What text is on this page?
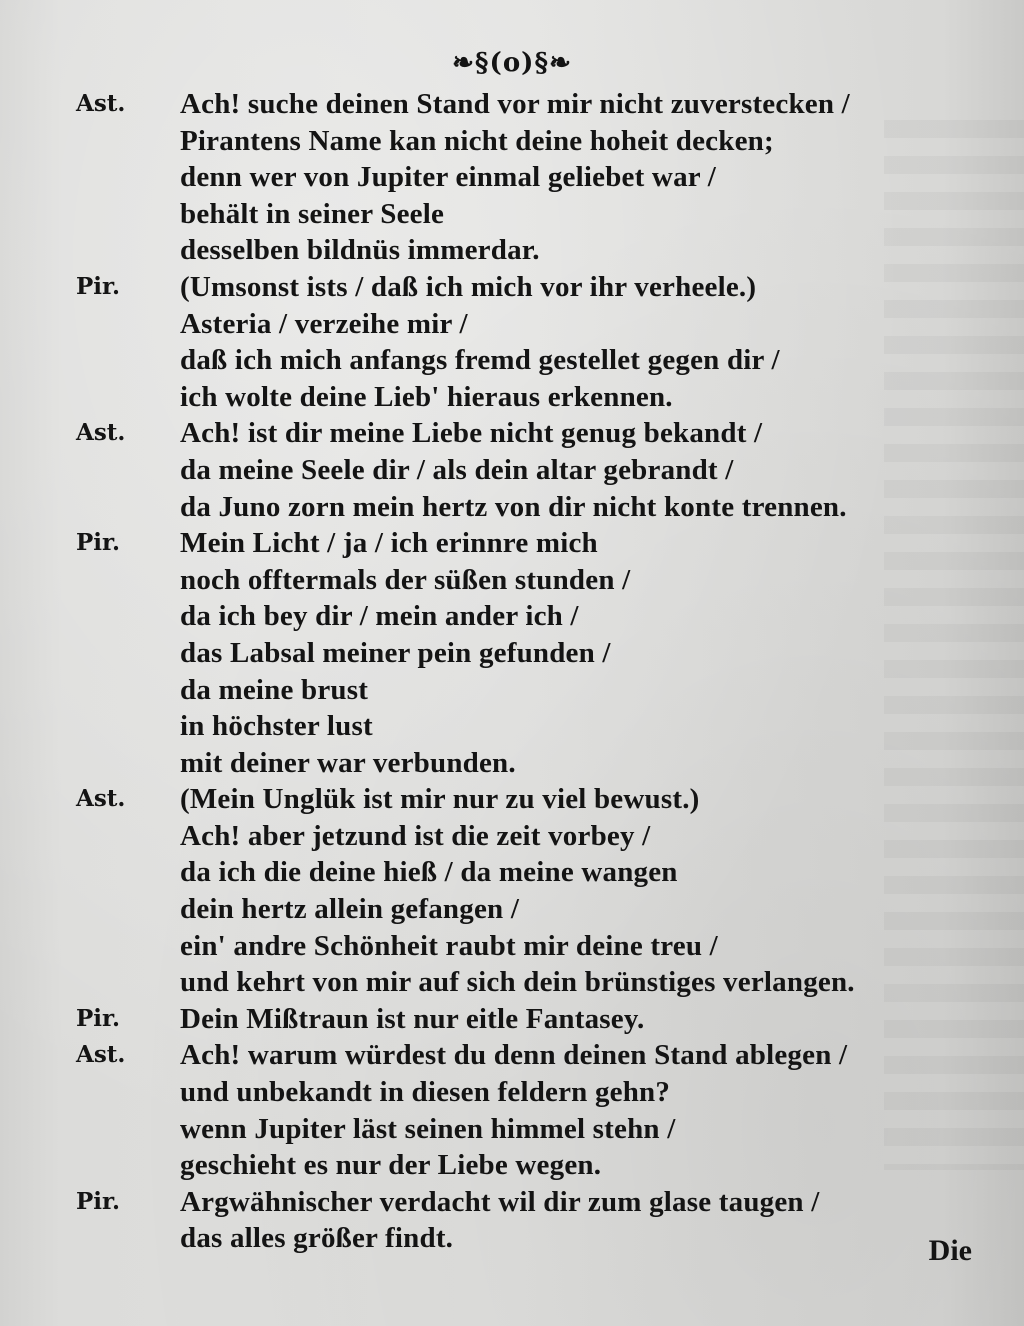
❧§(o)§❧
Ast. Ach! suche deinen Stand vor mir nicht zuverstecken /
Pirantens Name kan nicht deine hoheit decken;
denn wer von Jupiter einmal geliebet war /
behält in seiner Seele
desselben bildnüs immerdar.
Pir. (Umsonst ists / daß ich mich vor ihr verheele.)
Asteria / verzeihe mir /
daß ich mich anfangs fremd gestellet gegen dir /
ich wolte deine Lieb' hieraus erkennen.
Ast. Ach! ist dir meine Liebe nicht genug bekandt /
da meine Seele dir / als dein altar gebrandt /
da Juno zorn mein hertz von dir nicht konte trennen.
Pir. Mein Licht / ja / ich erinnre mich
noch offtermals der süßen stunden /
da ich bey dir / mein ander ich /
das Labsal meiner pein gefunden /
da meine brust
in höchster lust
mit deiner war verbunden.
Ast. (Mein Unglük ist mir nur zu viel bewust.)
Ach! aber jetzund ist die zeit vorbey /
da ich die deine hieß / da meine wangen
dein hertz allein gefangen /
ein' andre Schönheit raubt mir deine treu /
und kehrt von mir auf sich dein brünstiges verlangen.
Pir. Dein Mißtraun ist nur eitle Fantasey.
Ast. Ach! warum würdest du denn deinen Stand ablegen /
und unbekandt in diesen feldern gehn?
wenn Jupiter läst seinen himmel stehn /
geschieht es nur der Liebe wegen.
Pir. Argwähnischer verdacht wil dir zum glase taugen /
das alles größer findt.	Die
